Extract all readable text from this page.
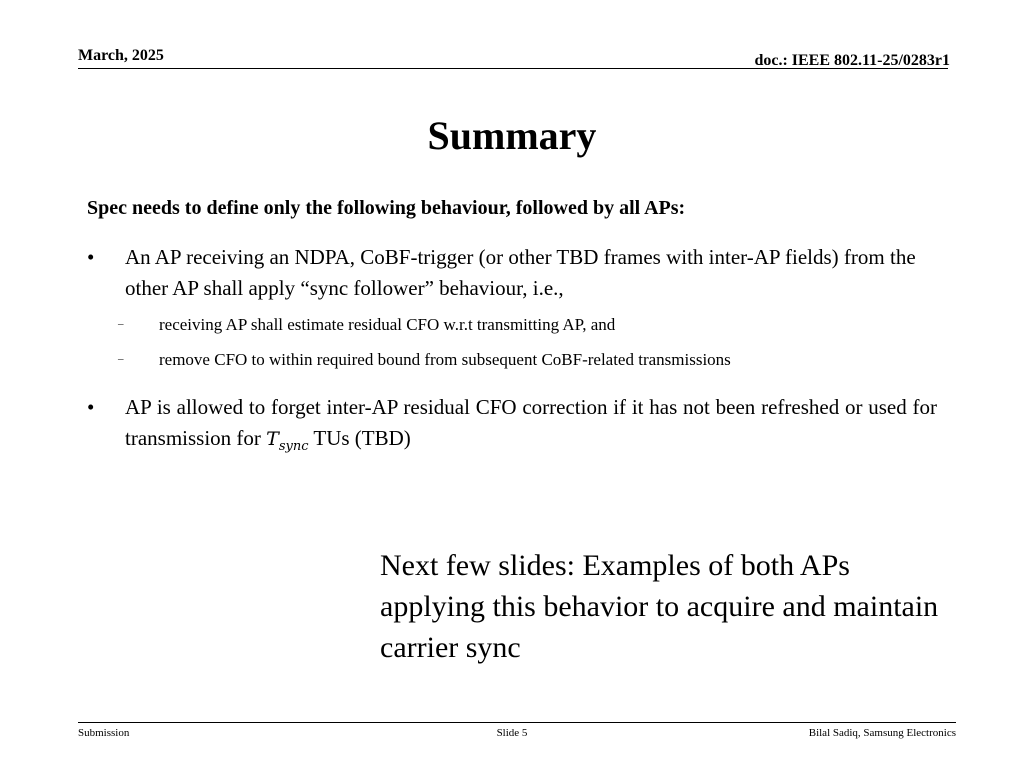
March, 2025	doc.: IEEE 802.11-25/0283r1
Summary
Spec needs to define only the following behaviour, followed by all APs:
•	An AP receiving an NDPA, CoBF-trigger (or other TBD frames with inter-AP fields) from the other AP shall apply “sync follower” behaviour, i.e.,
– receiving AP shall estimate residual CFO w.r.t transmitting AP, and
– remove CFO to within required bound from subsequent CoBF-related transmissions
•	AP is allowed to forget inter-AP residual CFO correction if it has not been refreshed or used for transmission for $T_{sync}$ TUs (TBD)
Next few slides: Examples of both APs applying this behavior to acquire and maintain carrier sync
Submission	Slide 5	Bilal Sadiq, Samsung Electronics
